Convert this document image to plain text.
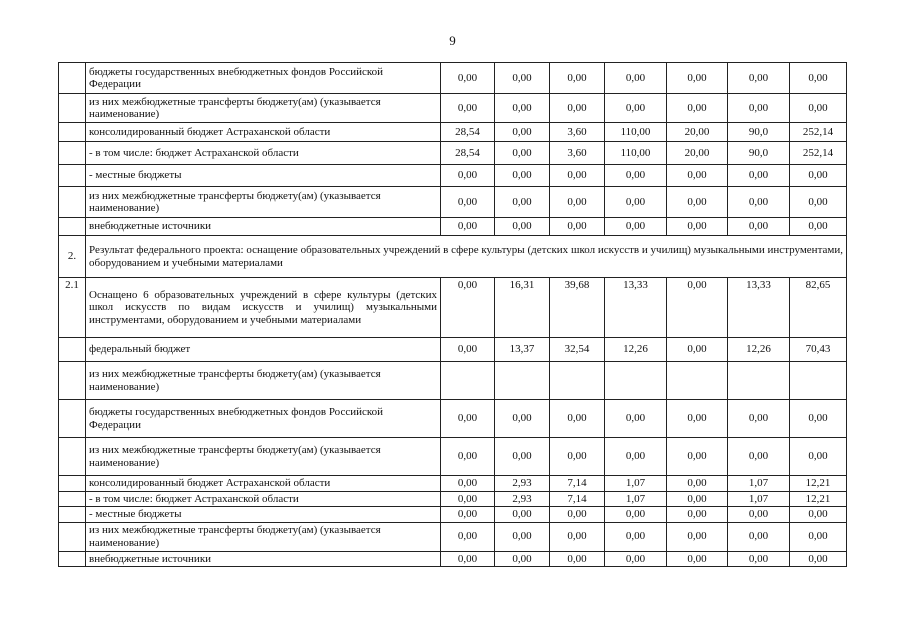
9
	бюджеты государственных внебюджетных фондов Российской Федерации	0,00	0,00	0,00	0,00	0,00	0,00	0,00
	из них межбюджетные трансферты бюджету(ам) (указывается наименование)	0,00	0,00	0,00	0,00	0,00	0,00	0,00
	консолидированный бюджет Астраханской области	28,54	0,00	3,60	110,00	20,00	90,0	252,14
	- в том числе: бюджет Астраханской области	28,54	0,00	3,60	110,00	20,00	90,0	252,14
	- местные бюджеты	0,00	0,00	0,00	0,00	0,00	0,00	0,00
	из них межбюджетные трансферты бюджету(ам) (указывается наименование)	0,00	0,00	0,00	0,00	0,00	0,00	0,00
	внебюджетные источники	0,00	0,00	0,00	0,00	0,00	0,00	0,00
2.	Результат федерального проекта: оснащение образовательных учреждений в сфере культуры (детских школ искусств и училищ) музыкальными инструментами, оборудованием и учебными материалами							
2.1	Оснащено 6 образовательных учреждений в сфере культуры (детских школ искусств по видам искусств и училищ) музыкальными инструментами, оборудованием и учебными материалами	0,00	16,31	39,68	13,33	0,00	13,33	82,65
	федеральный бюджет	0,00	13,37	32,54	12,26	0,00	12,26	70,43
	из них межбюджетные трансферты бюджету(ам) (указывается наименование)							
	бюджеты государственных внебюджетных фондов Российской Федерации	0,00	0,00	0,00	0,00	0,00	0,00	0,00
	из них межбюджетные трансферты бюджету(ам) (указывается наименование)	0,00	0,00	0,00	0,00	0,00	0,00	0,00
	консолидированный бюджет Астраханской области	0,00	2,93	7,14	1,07	0,00	1,07	12,21
	- в том числе: бюджет Астраханской области	0,00	2,93	7,14	1,07	0,00	1,07	12,21
	- местные бюджеты	0,00	0,00	0,00	0,00	0,00	0,00	0,00
	из них межбюджетные трансферты бюджету(ам) (указывается наименование)	0,00	0,00	0,00	0,00	0,00	0,00	0,00
	внебюджетные источники	0,00	0,00	0,00	0,00	0,00	0,00	0,00
